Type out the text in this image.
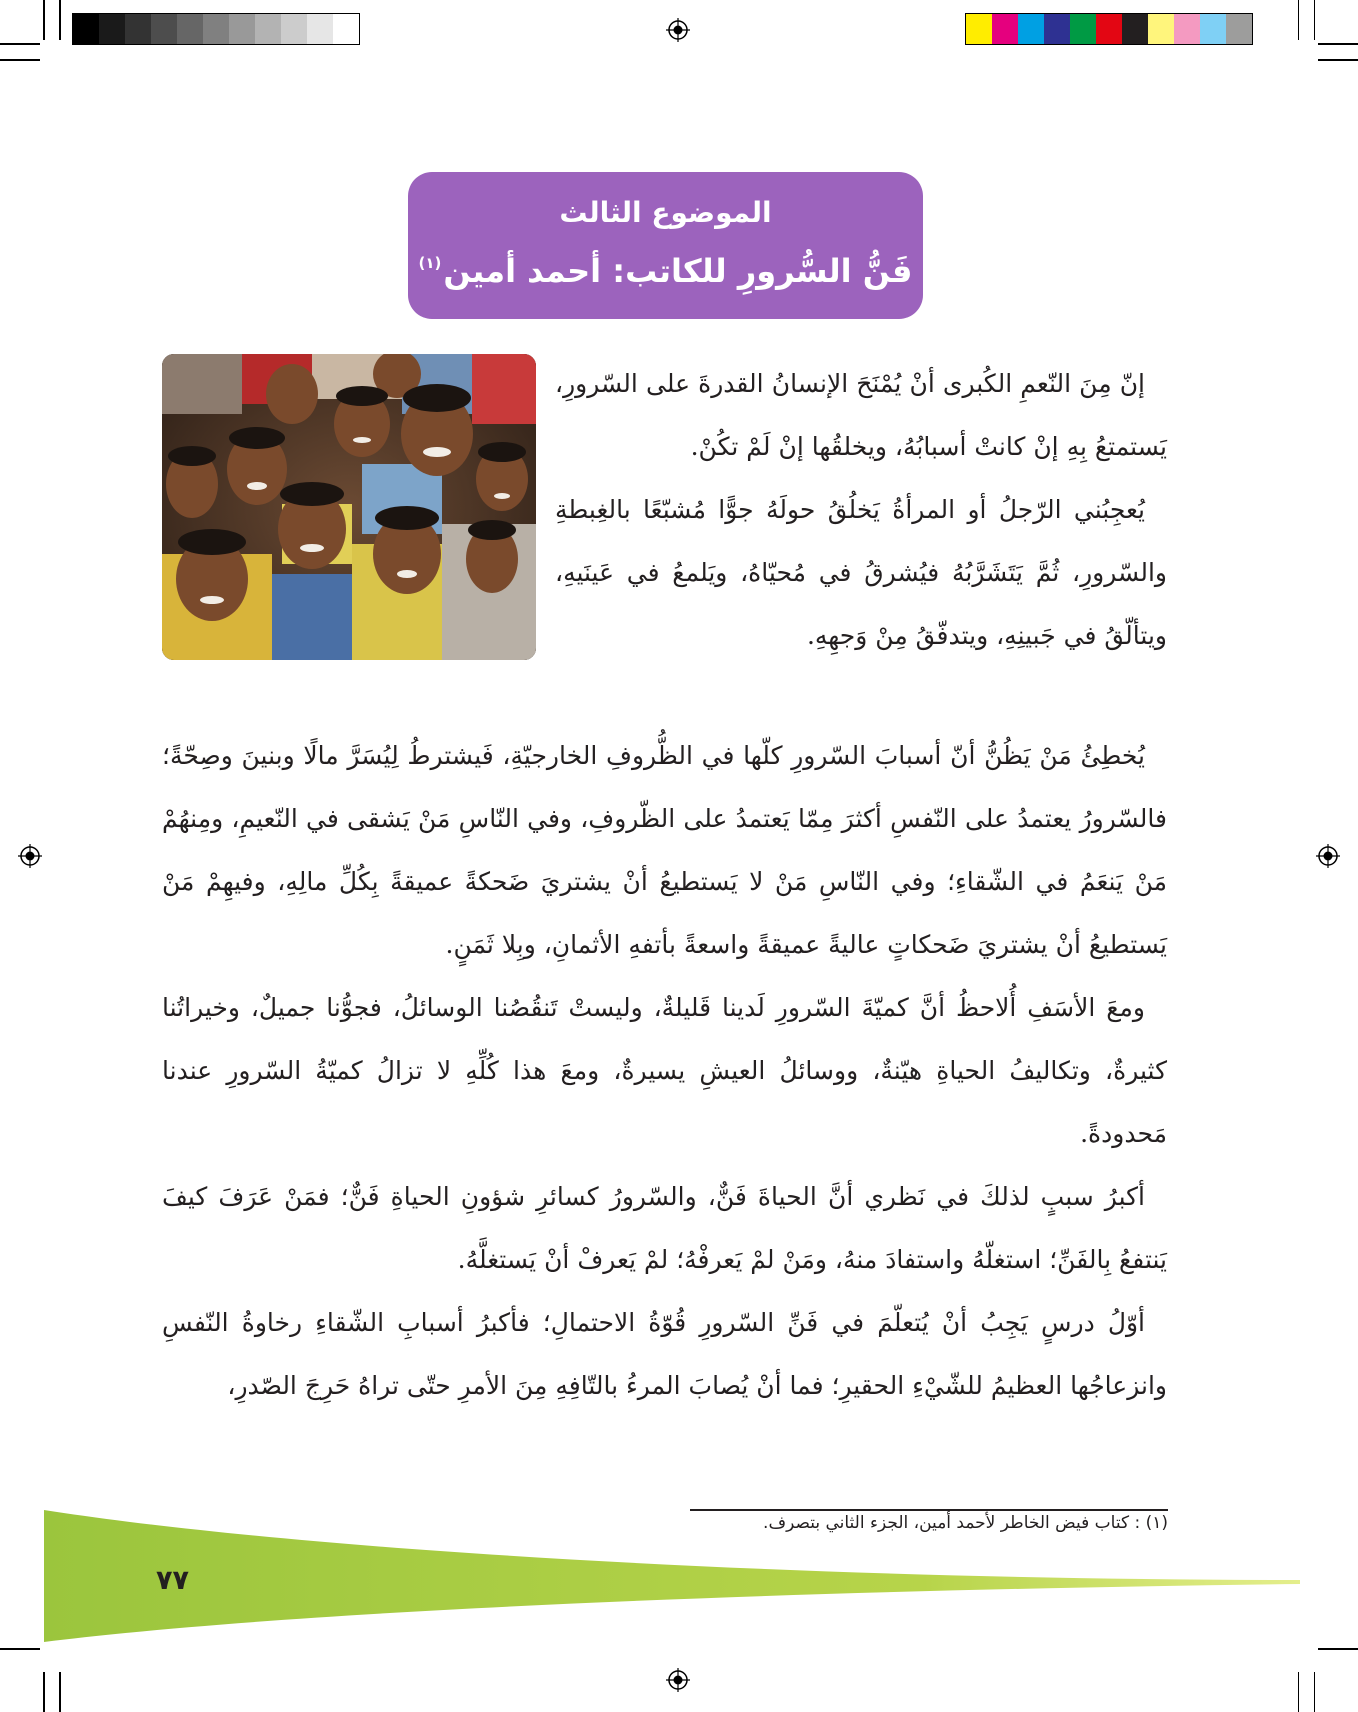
الموضوع الثالث
فَنُّ السُّرورِ للكاتب: أحمد أمين$^{(١)}$

إنّ مِنَ النّعمِ الكُبرى أنْ يُمْنَحَ الإنسانُ القدرةَ على السّرورِ، يَستمتعُ بِهِ إنْ كانتْ أسبابُهُ، ويخلقُها إنْ لَمْ تكُنْ.

يُعجِبُني الرّجلُ أو المرأةُ يَخلُقُ حولَهُ جوًّا مُشبّعًا بالغِبطةِ والسّرورِ، ثُمَّ يَتَشَرَّبُهُ فيُشرقُ في مُحيّاهُ، ويَلمعُ في عَينَيهِ، ويتألّقُ في جَبينِهِ، ويتدفّقُ مِنْ وَجهِهِ.

يُخطِئُ مَنْ يَظُنُّ أنّ أسبابَ السّرورِ كلّها في الظُّروفِ الخارجيّةِ، فَيشترطُ لِيُسَرَّ مالًا وبنينَ وصِحّةً؛ فالسّرورُ يعتمدُ على النّفسِ أكثرَ مِمّا يَعتمدُ على الظّروفِ، وفي النّاسِ مَنْ يَشقى في النّعيمِ، ومِنهُمْ مَنْ يَنعَمُ في الشّقاءِ؛ وفي النّاسِ مَنْ لا يَستطيعُ أنْ يشتريَ ضَحكةً عميقةً بِكُلِّ مالِهِ، وفيهِمْ مَنْ يَستطيعُ أنْ يشتريَ ضَحكاتٍ عاليةً عميقةً واسعةً بأتفهِ الأثمانِ، وبِلا ثَمَنٍ.

ومعَ الأسَفِ أُلاحظُ أنَّ كميّةَ السّرورِ لَدينا قَليلةٌ، وليستْ تَنقُصُنا الوسائلُ، فجوُّنا جميلٌ، وخيراتُنا كثيرةٌ، وتكاليفُ الحياةِ هيّنةٌ، ووسائلُ العيشِ يسيرةٌ، ومعَ هذا كُلِّهِ لا تزالُ كميّةُ السّرورِ عندنا مَحدودةً.

أكبرُ سببٍ لذلكَ في نَظري أنَّ الحياةَ فَنٌّ، والسّرورُ كسائرِ شؤونِ الحياةِ فَنٌّ؛ فمَنْ عَرَفَ كيفَ يَنتفعُ بِالفَنِّ؛ استغلّهُ واستفادَ منهُ، ومَنْ لمْ يَعرفْهُ؛ لمْ يَعرفْ أنْ يَستغلَّهُ.

أوّلُ درسٍ يَجِبُ أنْ يُتعلّمَ في فَنِّ السّرورِ قُوّةُ الاحتمالِ؛ فأكبرُ أسبابِ الشّقاءِ رخاوةُ النّفسِ وانزعاجُها العظيمُ للشّيْءِ الحقيرِ؛ فما أنْ يُصابَ المرءُ بالتّافِهِ مِنَ الأمرِ حتّى تراهُ حَرِجَ الصّدرِ،

(١) : كتاب فيض الخاطر لأحمد أمين، الجزء الثاني بتصرف.
٧٧
